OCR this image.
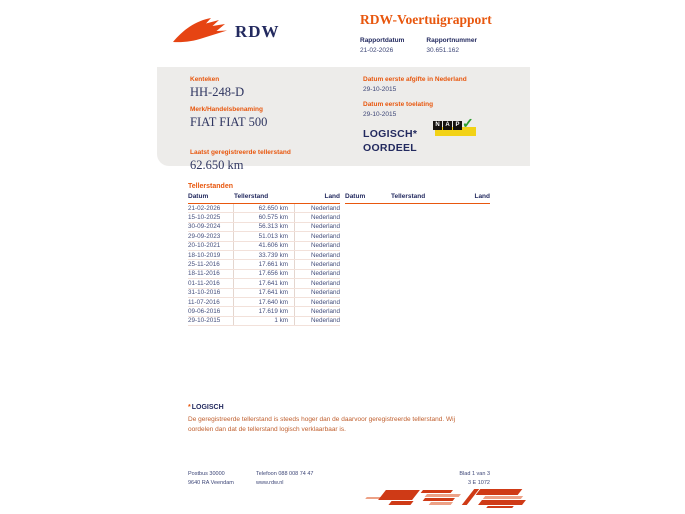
RDW
RDW-Voertuigrapport
Rapportdatum
21-02-2026
Rapportnummer
30.651.162
Kenteken
HH-248-D
Merk/Handelsbenaming
FIAT FIAT 500
Laatst geregistreerde tellerstand
62.650 km
Datum eerste afgifte in Nederland
29-10-2015
Datum eerste toelating
29-10-2015
LOGISCH*
OORDEEL
N A P ✓
Tellerstanden
Datum	Tellerstand	Land
21-02-2026	62.650 km	Nederland
15-10-2025	60.575 km	Nederland
30-09-2024	56.313 km	Nederland
29-09-2023	51.013 km	Nederland
20-10-2021	41.606 km	Nederland
18-10-2019	33.739 km	Nederland
25-11-2016	17.661 km	Nederland
18-11-2016	17.656 km	Nederland
01-11-2016	17.641 km	Nederland
31-10-2016	17.641 km	Nederland
11-07-2016	17.640 km	Nederland
09-06-2016	17.619 km	Nederland
29-10-2015	1 km	Nederland
Datum	Tellerstand	Land
*LOGISCH
De geregistreerde tellerstand is steeds hoger dan de daarvoor geregistreerde tellerstand. Wij oordelen dan dat de tellerstand logisch verklaarbaar is.
Postbus 30000
9640 RA Veendam
Telefoon 088 008 74 47
www.rdw.nl
Blad 1 van 3
3 E 1072
